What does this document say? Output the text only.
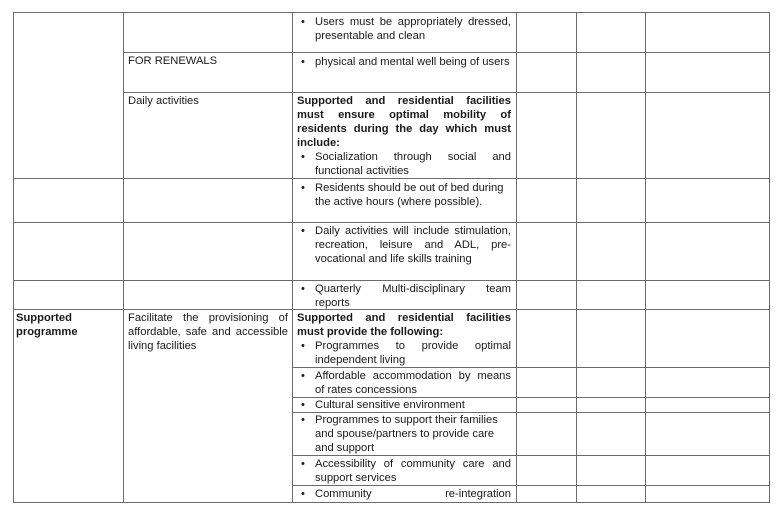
• Users must be appropriately dressed, presentable and clean
FOR RENEWALS
•	physical and mental well being of users
Daily activities	Supported and residential facilities must ensure optimal mobility of residents during the day which must include:
• Socialization through social and functional activities
• Residents should be out of bed during the active hours (where possible).
• Daily activities will include stimulation, recreation, leisure and ADL, pre-vocational and life skills training
• Quarterly Multi-disciplinary team reports
Supported programme
Facilitate the provisioning of affordable, safe and accessible living facilities
Supported and residential facilities must provide the following:
• Programmes to provide optimal independent living
• Affordable accommodation by means of rates concessions
• Cultural sensitive environment
• Programmes to support their families and spouse/partners to provide care and support
• Accessibility of community care and support services
• Community re-integration
